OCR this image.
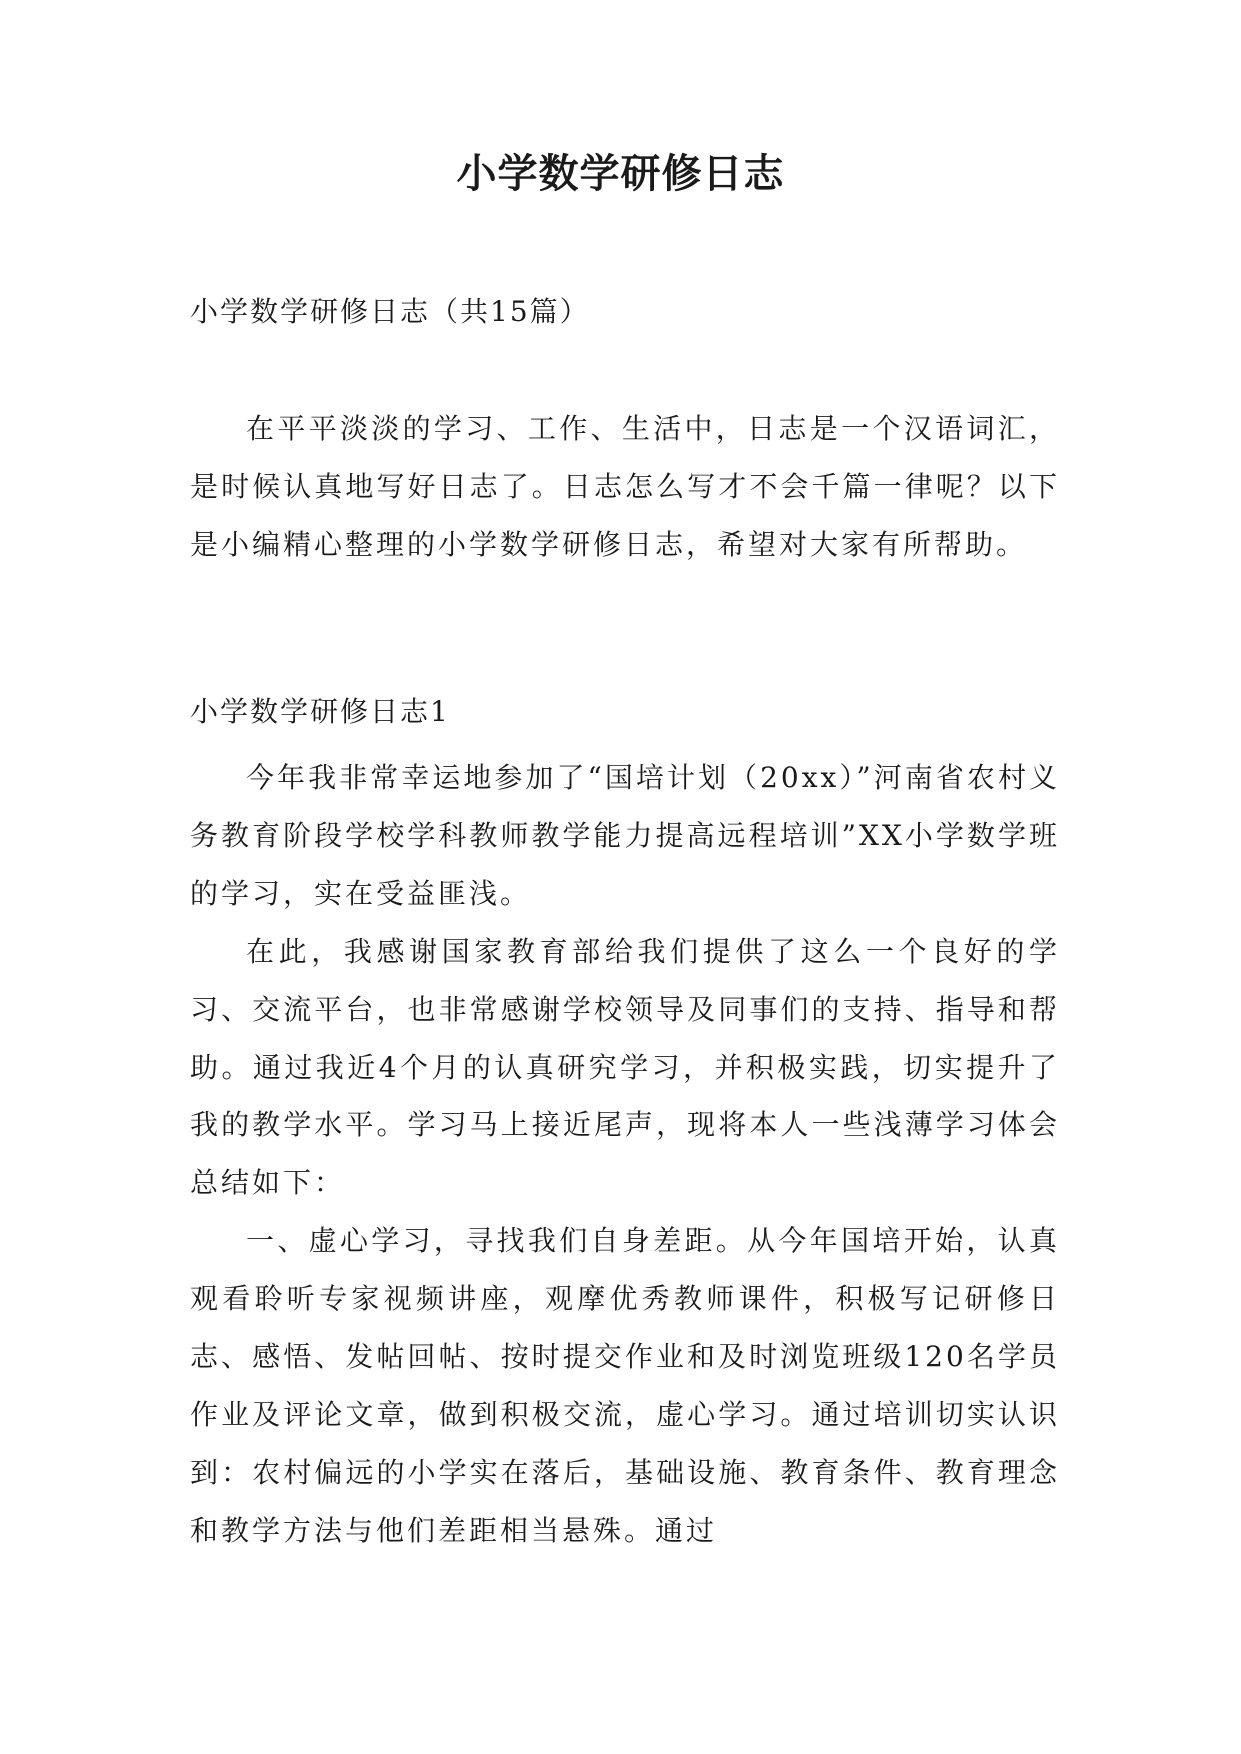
小学数学研修日志
小学数学研修日志（共15篇）

在平平淡淡的学习、工作、生活中，日志是一个汉语词汇，是时候认真地写好日志了。日志怎么写才不会千篇一律呢？以下是小编精心整理的小学数学研修日志，希望对大家有所帮助。

小学数学研修日志1

今年我非常幸运地参加了“国培计划（20xx）”河南省农村义务教育阶段学校学科教师教学能力提高远程培训”XX小学数学班的学习，实在受益匪浅。

在此，我感谢国家教育部给我们提供了这么一个良好的学习、交流平台，也非常感谢学校领导及同事们的支持、指导和帮助。通过我近4个月的认真研究学习，并积极实践，切实提升了我的教学水平。学习马上接近尾声，现将本人一些浅薄学习体会总结如下：

一、虚心学习，寻找我们自身差距。从今年国培开始，认真观看聆听专家视频讲座，观摩优秀教师课件，积极写记研修日志、感悟、发帖回帖、按时提交作业和及时浏览班级120名学员作业及评论文章，做到积极交流，虚心学习。通过培训切实认识到：农村偏远的小学实在落后，基础设施、教育条件、教育理念和教学方法与他们差距相当悬殊。通过
